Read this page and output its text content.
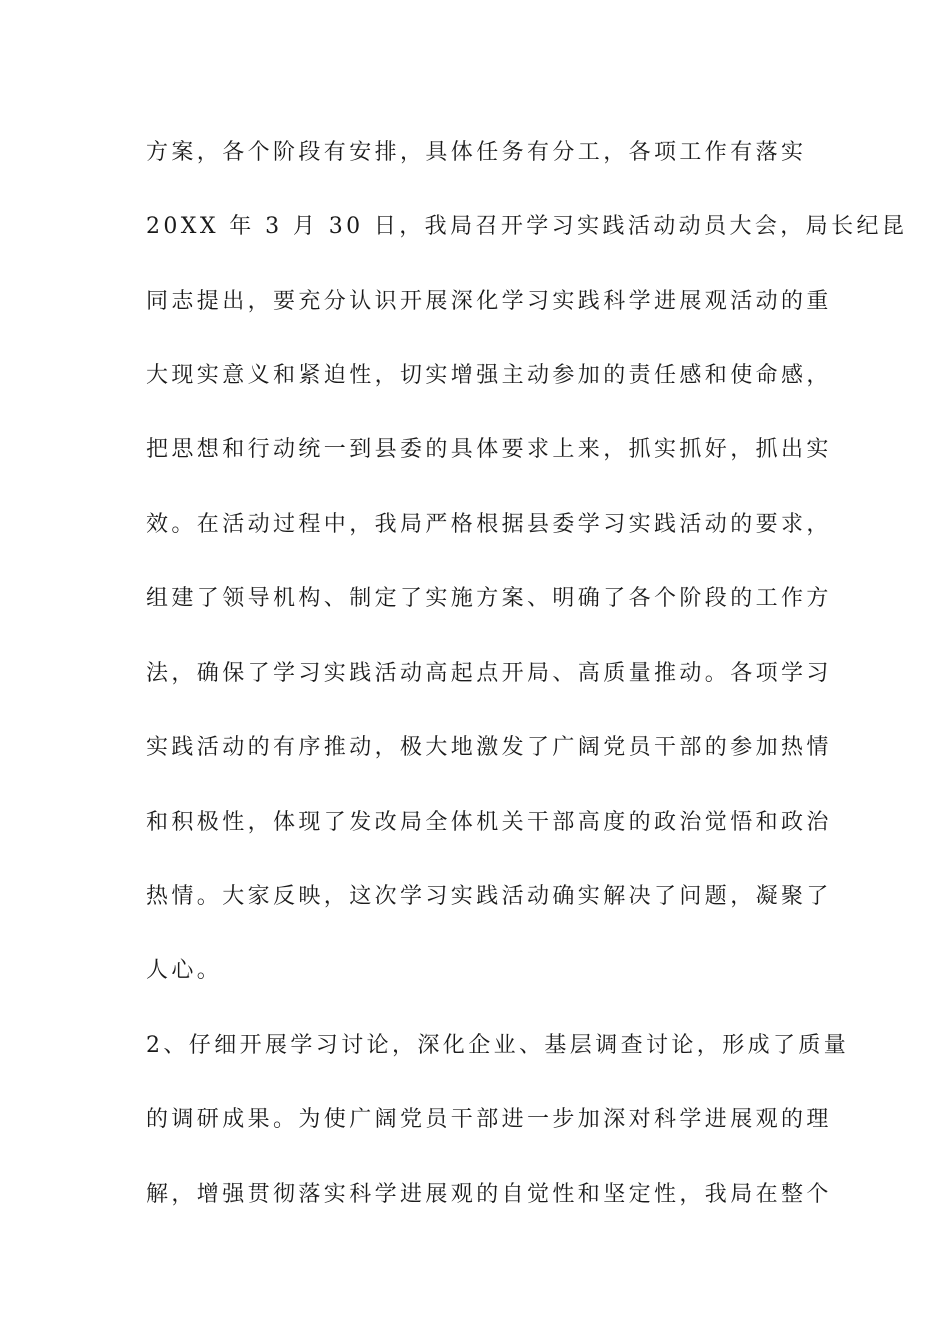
方案，各个阶段有安排，具体任务有分工，各项工作有落实

20XX 年 3 月 30 日，我局召开学习实践活动动员大会，局长纪昆

同志提出，要充分认识开展深化学习实践科学进展观活动的重

大现实意义和紧迫性，切实增强主动参加的责任感和使命感，

把思想和行动统一到县委的具体要求上来，抓实抓好，抓出实

效。在活动过程中，我局严格根据县委学习实践活动的要求，

组建了领导机构、制定了实施方案、明确了各个阶段的工作方

法，确保了学习实践活动高起点开局、高质量推动。各项学习

实践活动的有序推动，极大地激发了广阔党员干部的参加热情

和积极性，体现了发改局全体机关干部高度的政治觉悟和政治

热情。大家反映，这次学习实践活动确实解决了问题，凝聚了

人心。

2、仔细开展学习讨论，深化企业、基层调查讨论，形成了质量

的调研成果。为使广阔党员干部进一步加深对科学进展观的理

解，增强贯彻落实科学进展观的自觉性和坚定性，我局在整个
